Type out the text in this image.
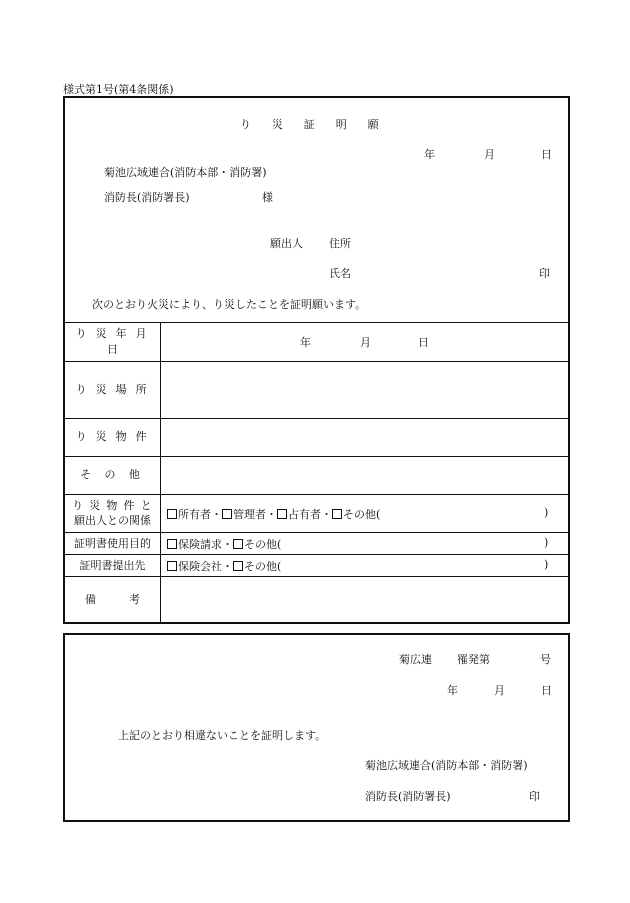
様式第1号(第4条関係)
り　災　証　明　願
年	月	日
菊池広域連合(消防本部・消防署)
消防長(消防署長)	様
願出人 住所
氏名	印
次のとおり火災により、り災したことを証明願います。
り 災 年 月
日
年	月	日
り 災 場 所
り 災 物 件
そ の 他
り 災 物 件 と
願出人との関係	所有者・ 管理者・ 占有者・ その他(	)
証明書使用目的	保険請求・ その他(	)
証明書提出先	保険会社・ その他(	)
備　　　考
菊広連 罹発第	号
年	月	日
上記のとおり相違ないことを証明します。
菊池広域連合(消防本部・消防署)
消防長(消防署長)	印
